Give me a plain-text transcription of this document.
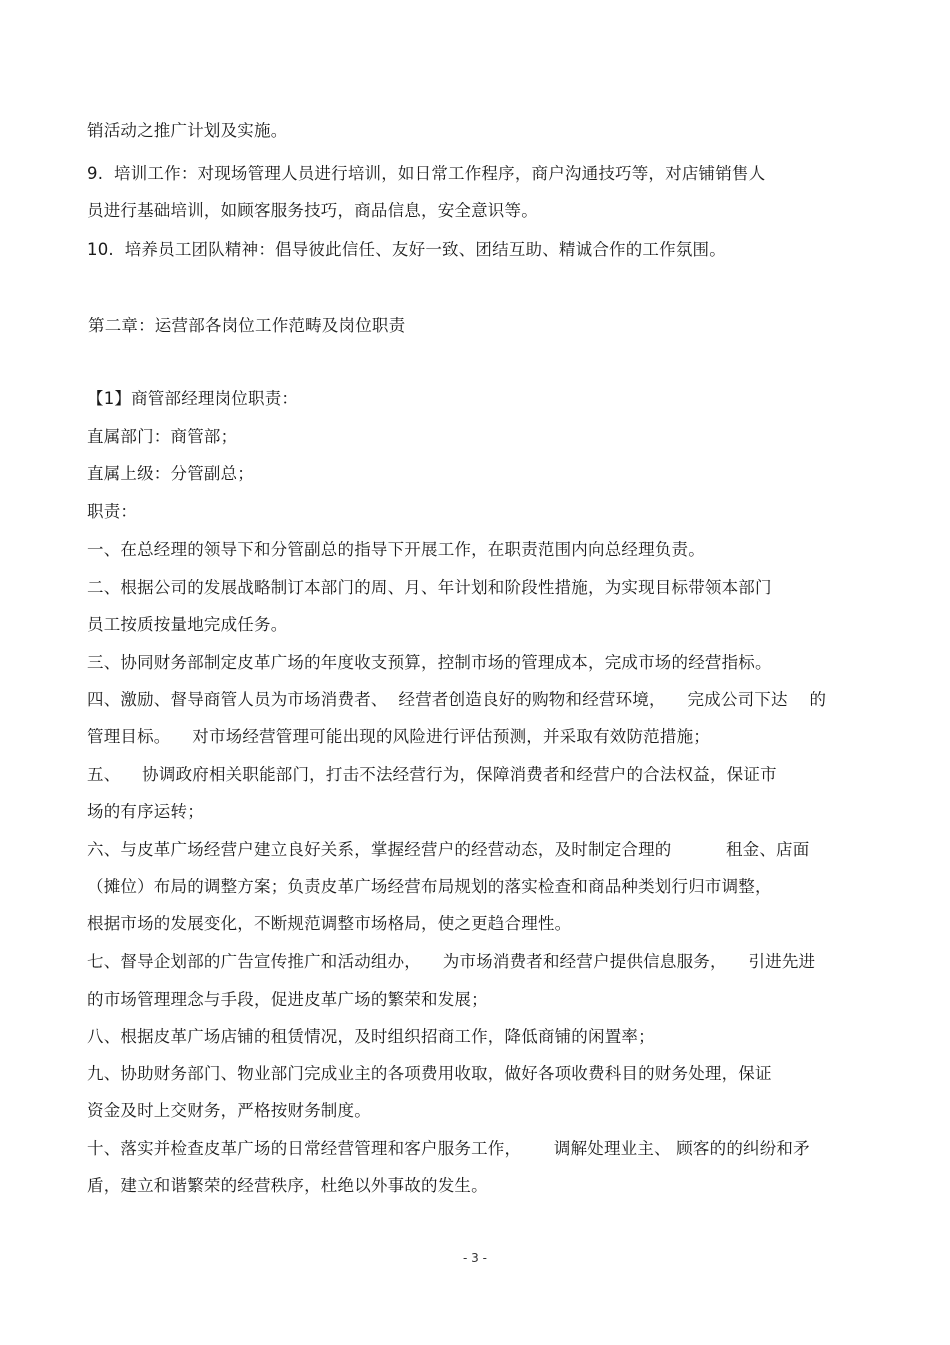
销活动之推广计划及实施。
9.  培训工作：对现场管理人员进行培训，如日常工作程序，商户沟通技巧等，对店铺销售人
员进行基础培训，如顾客服务技巧，商品信息，安全意识等。
10.  培养员工团队精神：倡导彼此信任、友好一致、团结互助、精诚合作的工作氛围。
第二章：运营部各岗位工作范畴及岗位职责
【1】商管部经理岗位职责：
直属部门：商管部；
直属上级：分管副总；
职责：
一、在总经理的领导下和分管副总的指导下开展工作，在职责范围内向总经理负责。
二、根据公司的发展战略制订本部门的周、月、年计划和阶段性措施，为实现目标带领本部门
员工按质按量地完成任务。
三、协同财务部制定皮革广场的年度收支预算，控制市场的管理成本，完成市场的经营指标。
四、激励、督导商管人员为市场消费者、  经营者创造良好的购物和经营环境，    完成公司下达    的
管理目标。    对市场经营管理可能出现的风险进行评估预测，并采取有效防范措施；
五、    协调政府相关职能部门，打击不法经营行为，保障消费者和经营户的合法权益，保证市
场的有序运转；
六、与皮革广场经营户建立良好关系，掌握经营户的经营动态，及时制定合理的          租金、店面
（摊位）布局的调整方案；负责皮革广场经营布局规划的落实检查和商品种类划行归市调整，
根据市场的发展变化，不断规范调整市场格局，使之更趋合理性。
七、督导企划部的广告宣传推广和活动组办，    为市场消费者和经营户提供信息服务，    引进先进
的市场管理理念与手段，促进皮革广场的繁荣和发展；
八、根据皮革广场店铺的租赁情况，及时组织招商工作，降低商铺的闲置率；
九、协助财务部门、物业部门完成业主的各项费用收取，做好各项收费科目的财务处理，保证
资金及时上交财务，严格按财务制度。
十、落实并检查皮革广场的日常经营管理和客户服务工作，      调解处理业主、 顾客的的纠纷和矛
盾，建立和谐繁荣的经营秩序，杜绝以外事故的发生。
- 3 -
